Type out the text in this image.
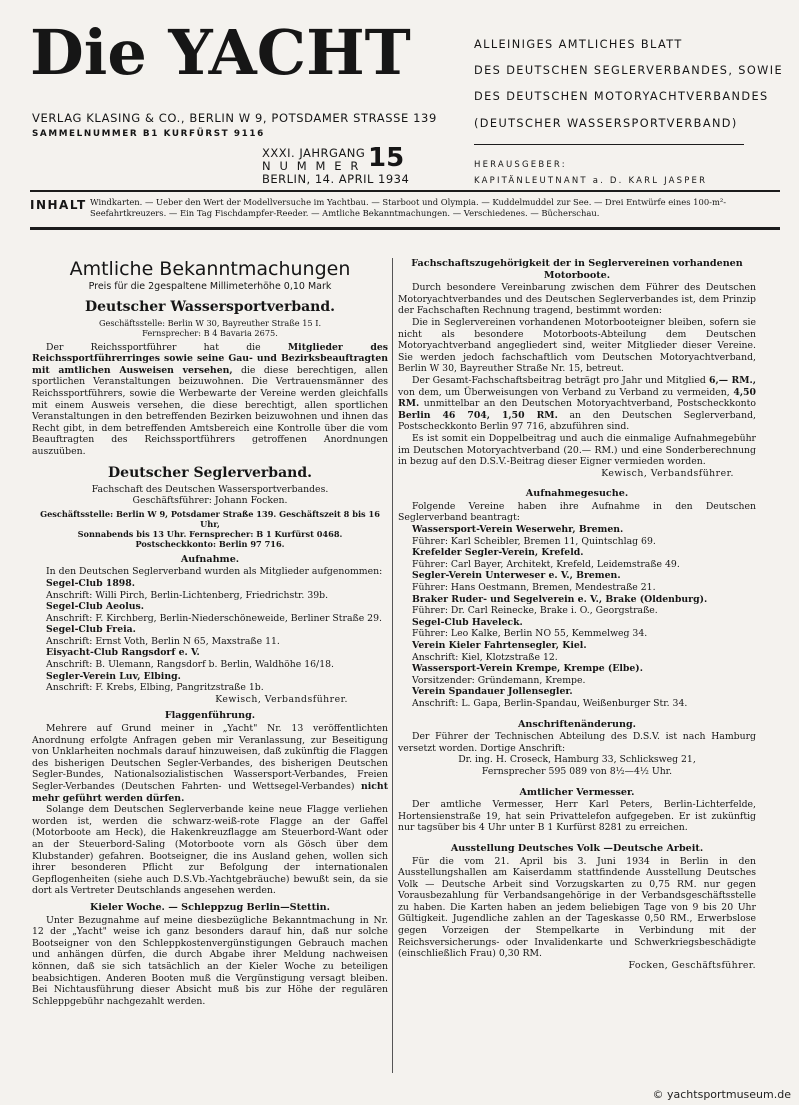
Die YACHT
VERLAG KLASING & CO., BERLIN W 9, POTSDAMER STRASSE 139
SAMMELNUMMER B1 KURFÜRST 9116
XXXI. JAHRGANG
N U M M E R 15
BERLIN, 14. APRIL 1934
ALLEINIGES AMTLICHES BLATT
DES DEUTSCHEN SEGLERVERBANDES, SOWIE
DES DEUTSCHEN MOTORYACHTVERBANDES
(DEUTSCHER WASSERSPORTVERBAND)
HERAUSGEBER:
KAPITÄNLEUTNANT a. D. KARL JASPER
INHALT Windkarten. — Ueber den Wert der Modellversuche im Yachtbau. — Starboot und Olympia. — Kuddelmuddel zur See. — Drei Entwürfe eines 100-m²-Seefahrtkreuzers. — Ein Tag Fischdampfer-Reeder. — Amtliche Bekanntmachungen. — Verschiedenes. — Bücherschau.
Amtliche Bekanntmachungen
Preis für die 2gespaltene Millimeterhöhe 0,10 Mark
Deutscher Wassersportverband.
Geschäftsstelle: Berlin W 30, Bayreuther Straße 15 I.
Fernsprecher: B 4 Bavaria 2675.

Der Reichssportführer hat die Mitglieder des Reichssportführerringes sowie seine Gau- und Bezirksbeauftragten mit amtlichen Ausweisen versehen, die diese berechtigen, allen sportlichen Veranstaltungen beizuwohnen. Die Vertrauensmänner des Reichssportführers, sowie die Werbewarte der Vereine werden gleichfalls mit einem Ausweis versehen, die diese berechtigt, allen sportlichen Veranstaltungen in den betreffenden Bezirken beizuwohnen und ihnen das Recht gibt, in dem betreffenden Amtsbereich eine Kontrolle über die vom Beauftragten des Reichssportführers getroffenen Anordnungen auszuüben.

Deutscher Seglerverband.
Fachschaft des Deutschen Wassersportverbandes.
Geschäftsführer: Johann Focken.
Geschäftsstelle: Berlin W 9, Potsdamer Straße 139. Geschäftszeit 8 bis 16 Uhr,
Sonnabends bis 13 Uhr. Fernsprecher: B 1 Kurfürst 0468.
Postscheckkonto: Berlin 97 716.
Aufnahme.

In den Deutschen Seglerverband wurden als Mitglieder aufgenommen:

Segel-Club 1898.

Anschrift: Willi Pirch, Berlin-Lichtenberg, Friedrichstr. 39b.

Segel-Club Aeolus.

Anschrift: F. Kirchberg, Berlin-Niederschöneweide, Berliner Straße 29.

Segel-Club Freia.

Anschrift: Ernst Voth, Berlin N 65, Maxstraße 11.

Eisyacht-Club Rangsdorf e. V.

Anschrift: B. Ulemann, Rangsdorf b. Berlin, Waldhöhe 16/18.

Segler-Verein Luv, Elbing.

Anschrift: F. Krebs, Elbing, Pangritzstraße 1b.

Kewisch, Verbandsführer.

Flaggenführung.

Mehrere auf Grund meiner in „Yacht" Nr. 13 veröffentlichten Anordnung erfolgte Anfragen geben mir Veranlassung, zur Beseitigung von Unklarheiten nochmals darauf hinzuweisen, daß zukünftig die Flaggen des bisherigen Deutschen Segler-Verbandes, des bisherigen Deutschen Segler-Bundes, Nationalsozialistischen Wassersport-Verbandes, Freien Segler-Verbandes (Deutschen Fahrten- und Wettsegel-Verbandes) nicht mehr geführt werden dürfen.

Solange dem Deutschen Seglerverbande keine neue Flagge verliehen worden ist, werden die schwarz-weiß-rote Flagge an der Gaffel (Motorboote am Heck), die Hakenkreuzflagge am Steuerbord-Want oder an der Steuerbord-Saling (Motorboote vorn als Gösch über dem Klubstander) gefahren. Bootseigner, die ins Ausland gehen, wollen sich ihrer besonderen Pflicht zur Befolgung der internationalen Gepflogenheiten (siehe auch D.S.Vb.-Yachtgebräuche) bewußt sein, da sie dort als Vertreter Deutschlands angesehen werden.

Kieler Woche. — Schleppzug Berlin—Stettin.

Unter Bezugnahme auf meine diesbezügliche Bekanntmachung in Nr. 12 der „Yacht" weise ich ganz besonders darauf hin, daß nur solche Bootseigner von den Schleppkostenvergünstigungen Gebrauch machen und anhängen dürfen, die durch Abgabe ihrer Meldung nachweisen können, daß sie sich tatsächlich an der Kieler Woche zu beteiligen beabsichtigen. Anderen Booten muß die Vergünstigung versagt bleiben. Bei Nichtausführung dieser Absicht muß bis zur Höhe der regulären Schleppgebühr nachgezahlt werden.

Fachschaftszugehörigkeit der in Seglervereinen vorhandenen Motorboote.

Durch besondere Vereinbarung zwischen dem Führer des Deutschen Motoryachtverbandes und des Deutschen Seglerverbandes ist, dem Prinzip der Fachschaften Rechnung tragend, bestimmt worden:

Die in Seglervereinen vorhandenen Motorbooteigner bleiben, sofern sie nicht als besondere Motorboots-Abteilung dem Deutschen Motoryachtverband angegliedert sind, weiter Mitglieder dieser Vereine. Sie werden jedoch fachschaftlich vom Deutschen Motoryachtverband, Berlin W 30, Bayreuther Straße Nr. 15, betreut.

Der Gesamt-Fachschaftsbeitrag beträgt pro Jahr und Mitglied 6,— RM., von dem, um Überweisungen von Verband zu Verband zu vermeiden, 4,50 RM. unmittelbar an den Deutschen Motoryachtverband, Postscheckkonto Berlin 46 704, 1,50 RM. an den Deutschen Seglerverband, Postscheckkonto Berlin 97 716, abzuführen sind.

Es ist somit ein Doppelbeitrag und auch die einmalige Aufnahmegebühr im Deutschen Motoryachtverband (20.— RM.) und eine Sonderberechnung in bezug auf den D.S.V.-Beitrag dieser Eigner vermieden worden.

Kewisch, Verbandsführer.

Aufnahmegesuche.

Folgende Vereine haben ihre Aufnahme in den Deutschen Seglerverband beantragt:

Wassersport-Verein Weserwehr, Bremen.

Führer: Karl Scheibler, Bremen 11, Quintschlag 69.

Krefelder Segler-Verein, Krefeld.

Führer: Carl Bayer, Architekt, Krefeld, Leidemstraße 49.

Segler-Verein Unterweser e. V., Bremen.

Führer: Hans Oestmann, Bremen, Mendestraße 21.

Braker Ruder- und Segelverein e. V., Brake (Oldenburg).

Führer: Dr. Carl Reinecke, Brake i. O., Georgstraße.

Segel-Club Haveleck.

Führer: Leo Kalke, Berlin NO 55, Kemmelweg 34.

Verein Kieler Fahrtensegler, Kiel.

Anschrift: Kiel, Klotzstraße 12.

Wassersport-Verein Krempe, Krempe (Elbe).

Vorsitzender: Gründemann, Krempe.

Verein Spandauer Jollensegler.

Anschrift: L. Gapa, Berlin-Spandau, Weißenburger Str. 34.

Anschriftenänderung.

Der Führer der Technischen Abteilung des D.S.V. ist nach Hamburg versetzt worden. Dortige Anschrift:

Dr. ing. H. Croseck, Hamburg 33, Schlicksweg 21,

Fernsprecher 595 089 von 8½—4½ Uhr.

Amtlicher Vermesser.

Der amtliche Vermesser, Herr Karl Peters, Berlin-Lichterfelde, Hortensienstraße 19, hat sein Privattelefon aufgegeben. Er ist zukünftig nur tagsüber bis 4 Uhr unter B 1 Kurfürst 8281 zu erreichen.

Ausstellung Deutsches Volk —Deutsche Arbeit.

Für die vom 21. April bis 3. Juni 1934 in Berlin in den Ausstellungshallen am Kaiserdamm stattfindende Ausstellung Deutsches Volk — Deutsche Arbeit sind Vorzugskarten zu 0,75 RM. nur gegen Vorausbezahlung für Verbandsangehörige in der Verbandsgeschäftsstelle zu haben. Die Karten haben an jedem beliebigen Tage von 9 bis 20 Uhr Gültigkeit. Jugendliche zahlen an der Tageskasse 0,50 RM., Erwerbslose gegen Vorzeigen der Stempelkarte in Verbindung mit der Reichsversicherungs- oder Invalidenkarte und Schwerkriegsbeschädigte (einschließlich Frau) 0,30 RM.

Focken, Geschäftsführer.

© yachtsportmuseum.de
